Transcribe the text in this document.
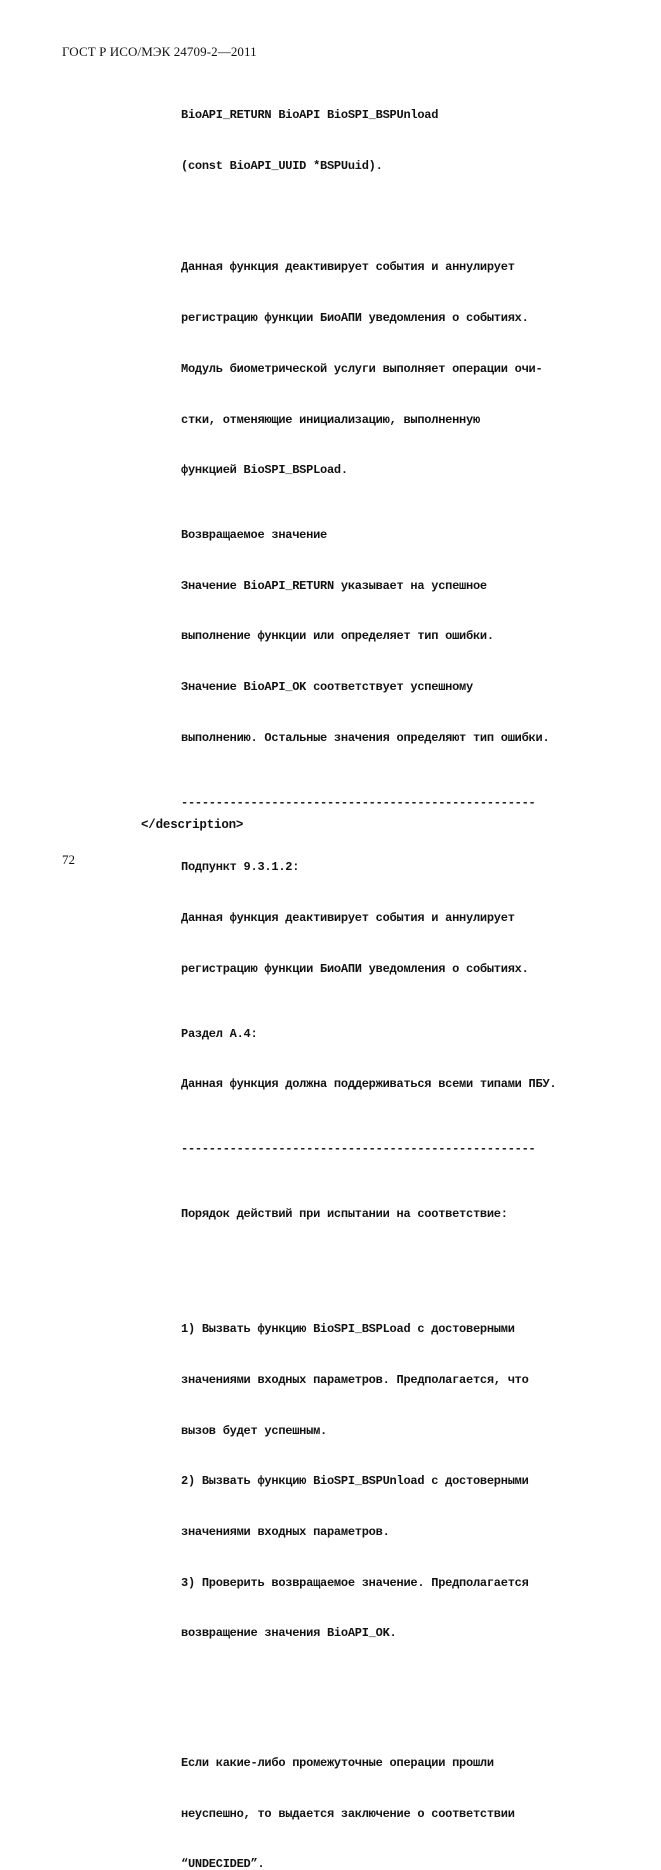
ГОСТ Р ИСО/МЭК 24709-2—2011

BioAPI_RETURN BioAPI BioSPI_BSPUnload

(const BioAPI_UUID *BSPUuid).

Данная функция деактивирует события и аннулирует

регистрацию функции БиоАПИ уведомления о событиях.

Модуль биометрической услуги выполняет операции очи-

стки, отменяющие инициализацию, выполненную

функцией BioSPI_BSPLoad.

Возвращаемое значение

Значение BioAPI_RETURN указывает на успешное

выполнение функции или определяет тип ошибки.

Значение BioAPI_OK соответствует успешному

выполнению. Остальные значения определяют тип ошибки.

---------------------------------------------------

Подпункт 9.3.1.2:

Данная функция деактивирует события и аннулирует

регистрацию функции БиоАПИ уведомления о событиях.

Раздел А.4:

Данная функция должна поддерживаться всеми типами ПБУ.

---------------------------------------------------

Порядок действий при испытании на соответствие:

1) Вызвать функцию BioSPI_BSPLoad с достоверными

значениями входных параметров. Предполагается, что

вызов будет успешным.

2) Вызвать функцию BioSPI_BSPUnload с достоверными

значениями входных параметров.

3) Проверить возвращаемое значение. Предполагается

возвращение значения BioAPI_OK.

Если какие-либо промежуточные операции прошли

неуспешно, то выдается заключение о соответствии

“UNDECIDED”.

</description>
72
